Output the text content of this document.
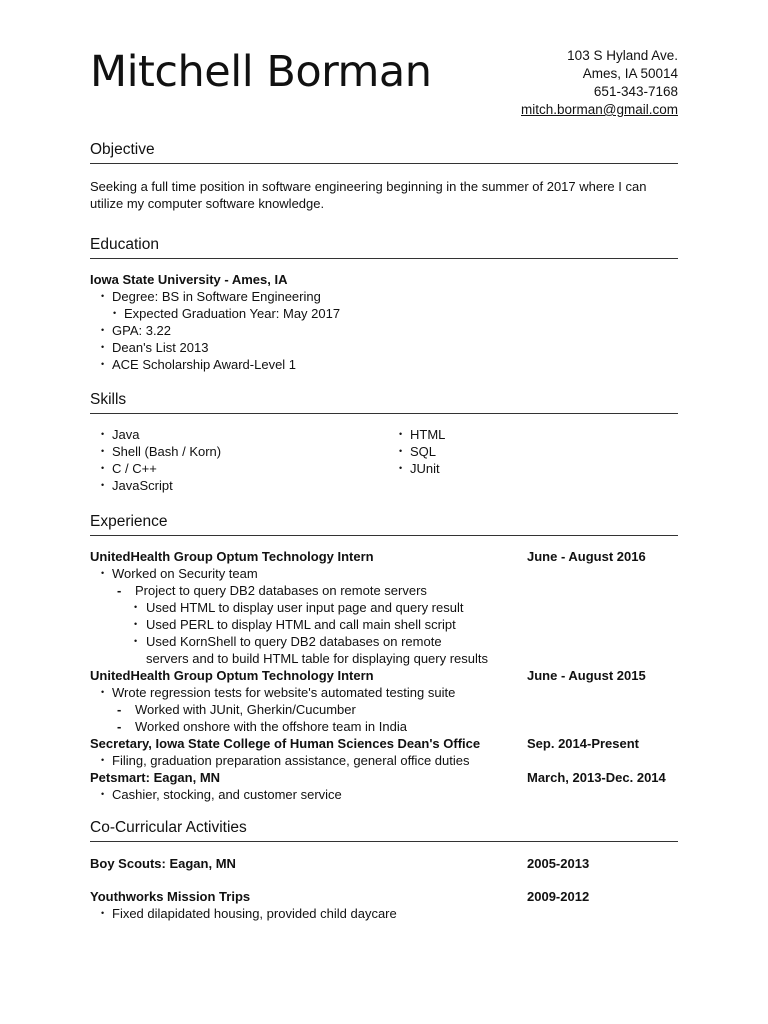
Mitchell Borman	103 S Hyland Ave.
Ames, IA 50014
651-343-7168
mitch.borman@gmail.com
Objective
Seeking a full time position in software engineering beginning in the summer of 2017 where I can utilize my computer software knowledge.
Education
Iowa State University - Ames, IA
• Degree: BS in Software Engineering
• Expected Graduation Year: May 2017
• GPA: 3.22
• Dean's List 2013
• ACE Scholarship Award-Level 1
Skills
• Java
• Shell (Bash / Korn)
• C / C++
• JavaScript
• HTML
• SQL
• JUnit
Experience
UnitedHealth Group Optum Technology Intern	June - August 2016
• Worked on Security team
- Project to query DB2 databases on remote servers
• Used HTML to display user input page and query result
• Used PERL to display HTML and call main shell script
• Used KornShell to query DB2 databases on remote
servers and to build HTML table for displaying query results
UnitedHealth Group Optum Technology Intern	June - August 2015
• Wrote regression tests for website's automated testing suite
- Worked with JUnit, Gherkin/Cucumber
- Worked onshore with the offshore team in India
Secretary, Iowa State College of Human Sciences Dean's Office	Sep. 2014-Present
• Filing, graduation preparation assistance, general office duties
Petsmart: Eagan, MN	March, 2013-Dec. 2014
• Cashier, stocking, and customer service
Co-Curricular Activities
Boy Scouts: Eagan, MN	2005-2013
Youthworks Mission Trips	2009-2012
• Fixed dilapidated housing, provided child daycare
